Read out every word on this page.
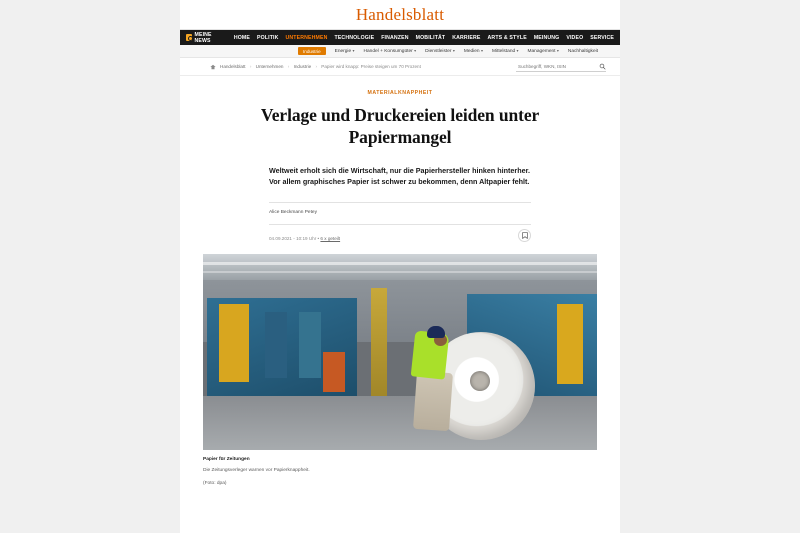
Handelsblatt
MEINE NEWS	HOME POLITIK UNTERNEHMEN TECHNOLOGIE FINANZEN MOBILITÄT KARRIERE ARTS & STYLE MEINUNG VIDEO SERVICE
Industrie	Energie ▾ Handel + Konsumgüter ▾ Dienstleister ▾ Medien ▾ Mittelstand ▾ Management ▾ Nachhaltigkeit
Handelsblatt › Unternehmen › Industrie › Papier wird knapp: Preise steigen um 70 Prozent
Suchbegriff, WKN, ISIN
MATERIALKNAPPHEIT
Verlage und Druckereien leiden unter Papiermangel

Weltweit erholt sich die Wirtschaft, nur die Papierhersteller hinken hinterher. Vor allem graphisches Papier ist schwer zu bekommen, denn Altpapier fehlt.

Alice Beckmann Petey
04.09.2021 - 10:19 Uhr • 6 x geteilt
Papier für Zeitungen
Die Zeitungsverleger warnen vor Papierknappheit.
(Foto: dpa)
